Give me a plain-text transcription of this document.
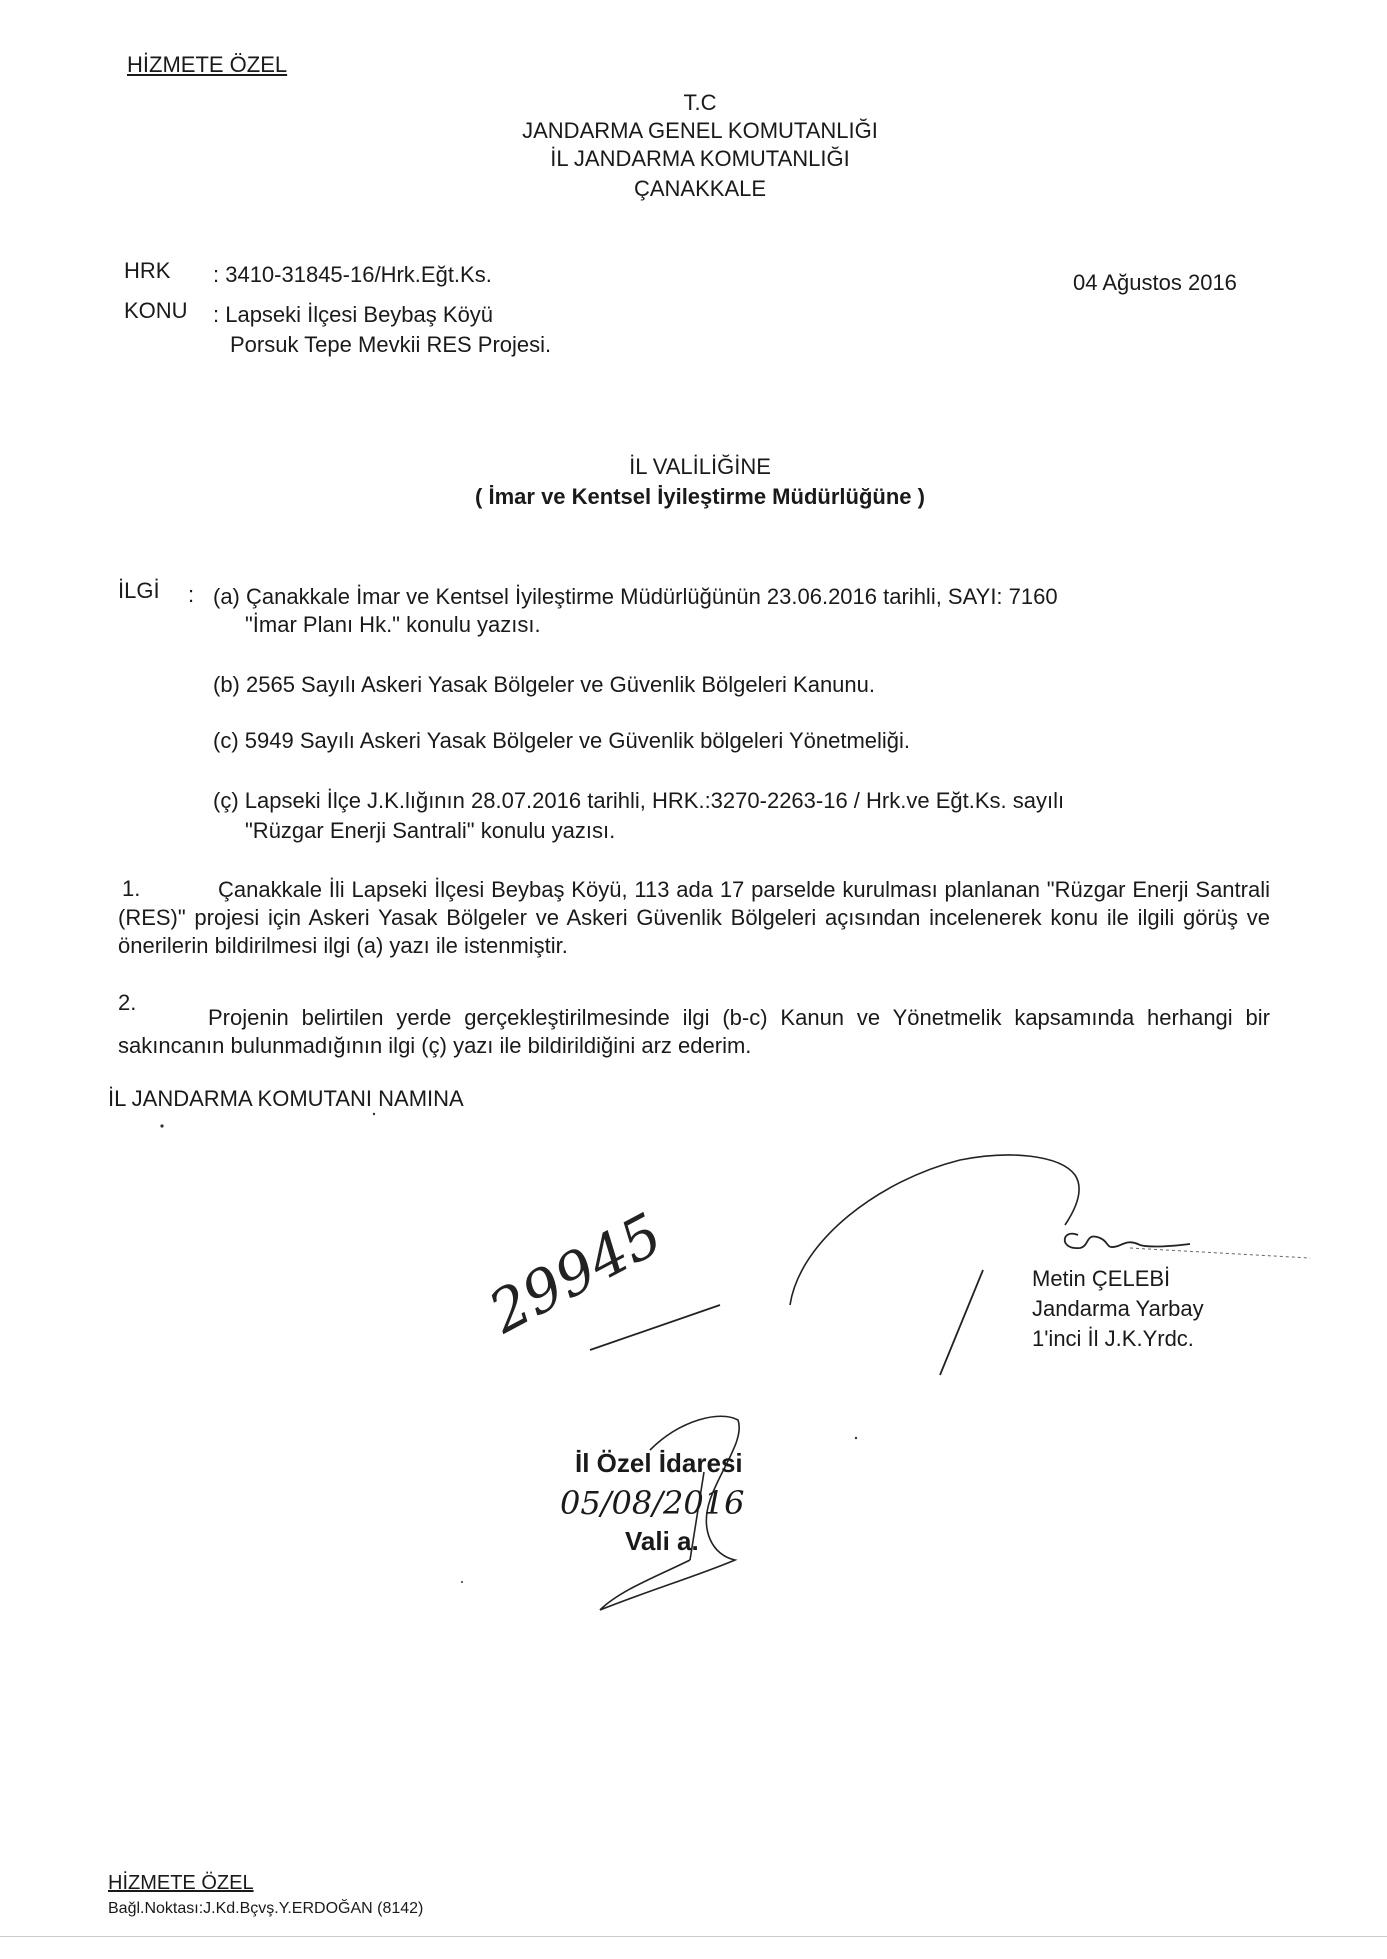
HİZMETE ÖZEL
T.C
JANDARMA GENEL KOMUTANLIĞI
İL JANDARMA KOMUTANLIĞI
ÇANAKKALE
HRK : 3410-31845-16/Hrk.Eğt.Ks.	04 Ağustos 2016
KONU : Lapseki İlçesi Beybaş Köyü
Porsuk Tepe Mevkii RES Projesi.
İL VALİLİĞİNE
( İmar ve Kentsel İyileştirme Müdürlüğüne )
İLGİ : (a) Çanakkale İmar ve Kentsel İyileştirme Müdürlüğünün 23.06.2016 tarihli, SAYI: 7160
"İmar Planı Hk." konulu yazısı.
(b) 2565 Sayılı Askeri Yasak Bölgeler ve Güvenlik Bölgeleri Kanunu.
(c) 5949 Sayılı Askeri Yasak Bölgeler ve Güvenlik bölgeleri Yönetmeliği.
(ç) Lapseki İlçe J.K.lığının 28.07.2016 tarihli, HRK.:3270-2263-16 / Hrk.ve Eğt.Ks. sayılı
"Rüzgar Enerji Santrali" konulu yazısı.
1.	Çanakkale İli Lapseki İlçesi Beybaş Köyü, 113 ada 17 parselde kurulması planlanan "Rüzgar Enerji Santrali (RES)" projesi için Askeri Yasak Bölgeler ve Askeri Güvenlik Bölgeleri açısından incelenerek konu ile ilgili görüş ve önerilerin bildirilmesi ilgi (a) yazı ile istenmiştir.
2.
Projenin belirtilen yerde gerçekleştirilmesinde ilgi (b-c) Kanun ve Yönetmelik kapsamında herhangi bir sakıncanın bulunmadığının ilgi (ç) yazı ile bildirildiğini arz ederim.
İL JANDARMA KOMUTANI NAMINA
Metin ÇELEBİ
Jandarma Yarbay
1'inci İl J.K.Yrdc.
29945
İl Özel İdaresi
05/08/2016
Vali a.
HİZMETE ÖZEL
Bağl.Noktası:J.Kd.Bçvş.Y.ERDOĞAN (8142)
